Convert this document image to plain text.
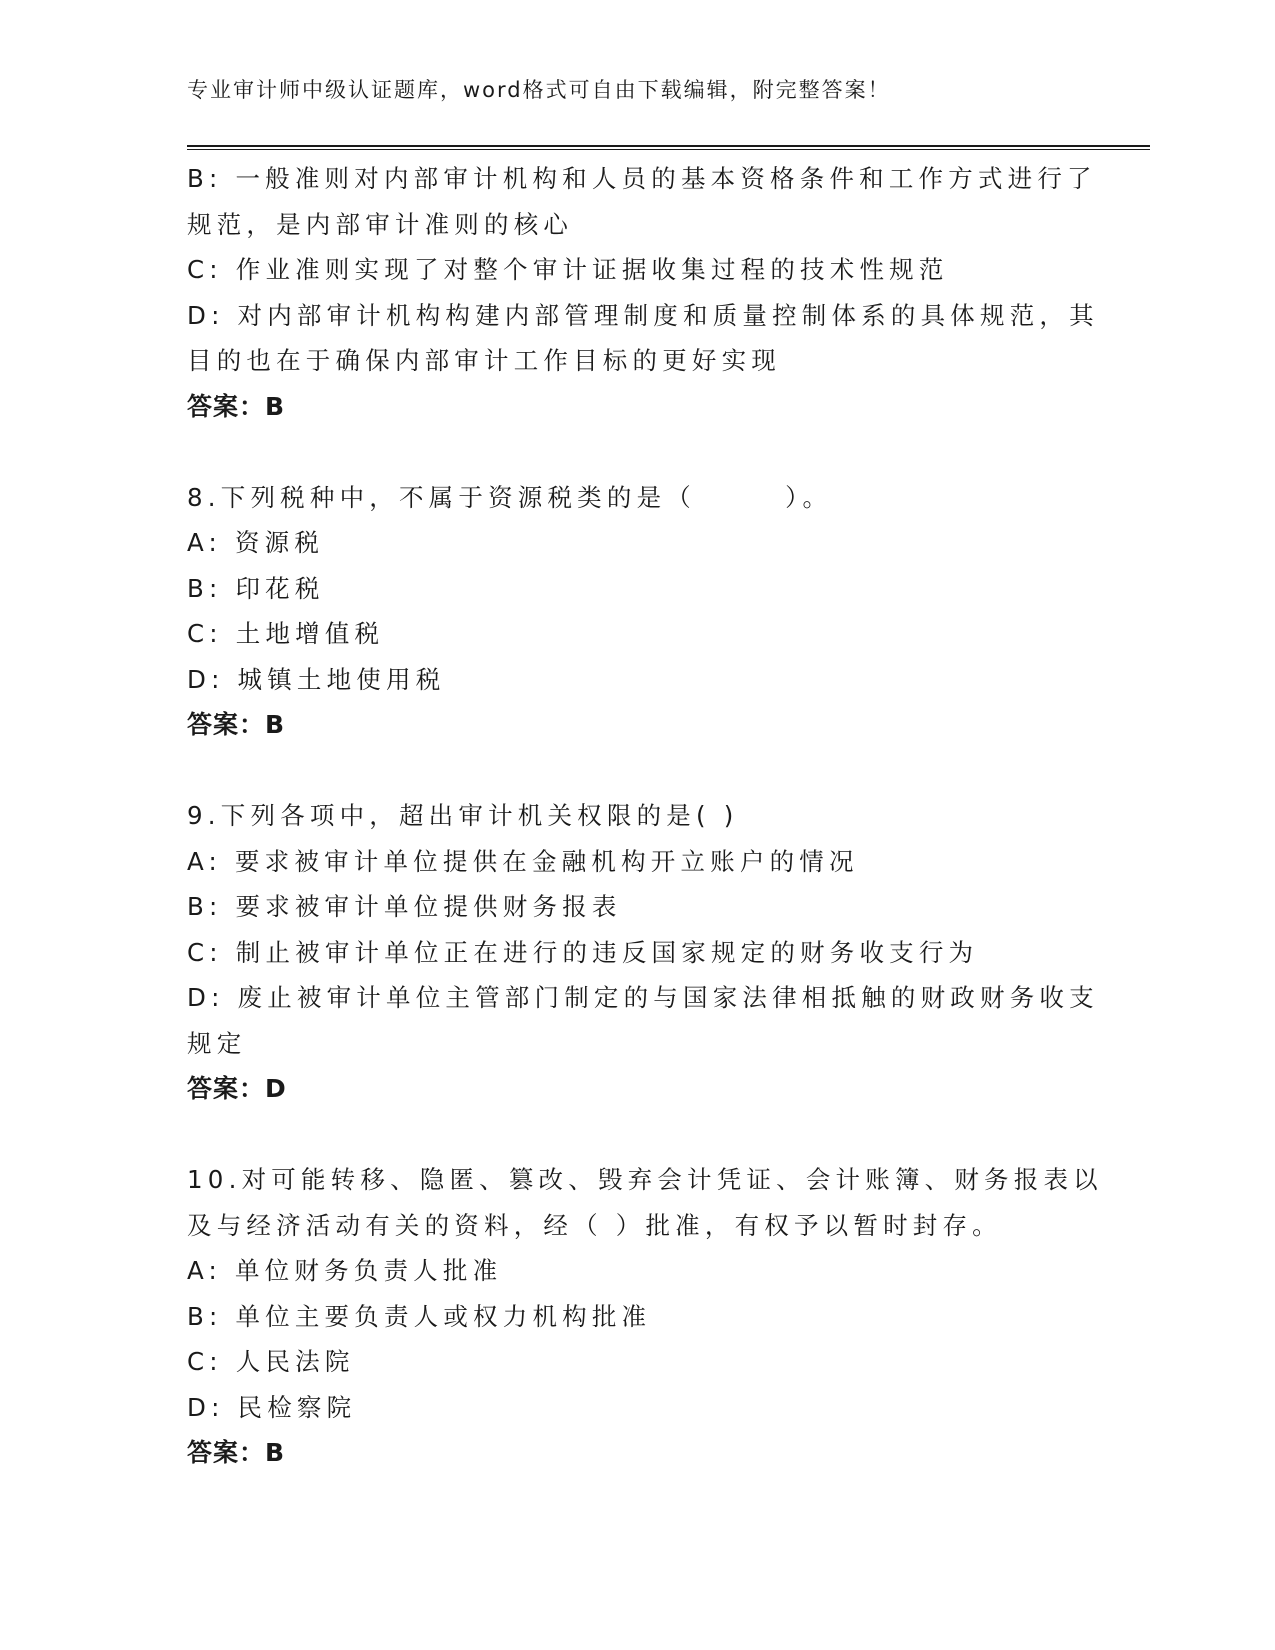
专业审计师中级认证题库，word格式可自由下载编辑，附完整答案！
B: 一般准则对内部审计机构和人员的基本资格条件和工作方式进行了
规范，是内部审计准则的核心
C: 作业准则实现了对整个审计证据收集过程的技术性规范
D: 对内部审计机构构建内部管理制度和质量控制体系的具体规范，其
目的也在于确保内部审计工作目标的更好实现
答案：B
8.下列税种中，不属于资源税类的是（　　　）。
A: 资源税
B: 印花税
C: 土地增值税
D: 城镇土地使用税
答案：B
9.下列各项中，超出审计机关权限的是( )
A: 要求被审计单位提供在金融机构开立账户的情况
B: 要求被审计单位提供财务报表
C: 制止被审计单位正在进行的违反国家规定的财务收支行为
D: 废止被审计单位主管部门制定的与国家法律相抵触的财政财务收支
规定
答案：D
10.对可能转移、隐匿、篡改、毁弃会计凭证、会计账簿、财务报表以
及与经济活动有关的资料，经（ ）批准，有权予以暂时封存。
A: 单位财务负责人批准
B: 单位主要负责人或权力机构批准
C: 人民法院
D: 民检察院
答案：B
